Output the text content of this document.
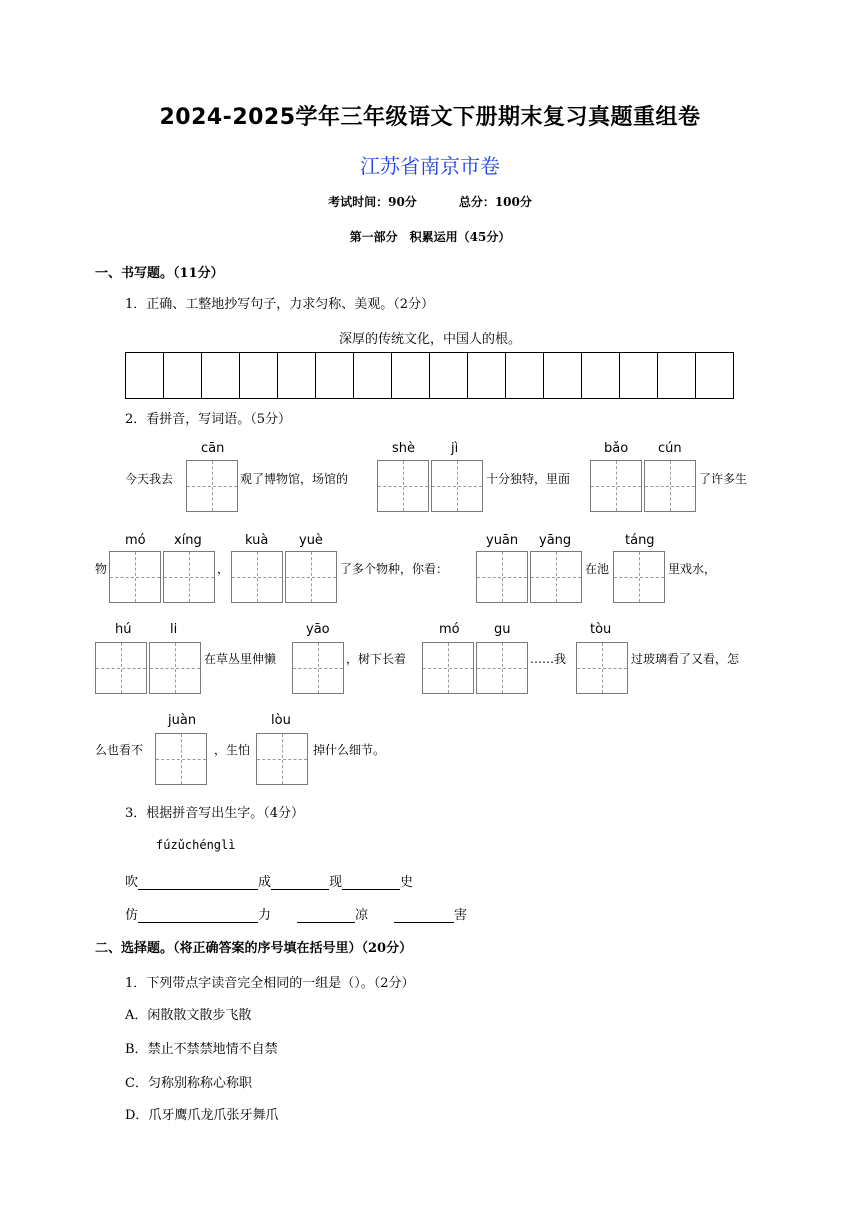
2024-2025学年三年级语文下册期末复习真题重组卷
江苏省南京市卷
考试时间：90分	总分：100分
第一部分　积累运用（45分）
一、书写题。（11分）
1．正确、工整地抄写句子，力求匀称、美观。（2分）
深厚的传统文化，中国人的根。
2．看拼音，写词语。（5分）
cān	shè	jì	bǎo cún
今天我去	观了博物馆，场馆的	十分独特，里面	了许多生
mó xíng	kuà yuè	yuān yāng	táng
物	，	了多个物种，你看：	在池	里戏水，
hú	li	yāo	mó	gu	tòu
在草丛里伸懒	，树下长着	……我	过玻璃看了又看，怎
juàn	lòu
么也看不	，生怕	掉什么细节。
3．根据拼音写出生字。（4分）
fúzǔchénglì
吹	成	现	史
仿	力	凉	害
二、选择题。（将正确答案的序号填在括号里）（20分）
1．下列带点字读音完全相同的一组是（）。（2分）
A．闲散散文散步飞散
B．禁止不禁禁地情不自禁
C．匀称别称称心称职
D．爪牙鹰爪龙爪张牙舞爪
